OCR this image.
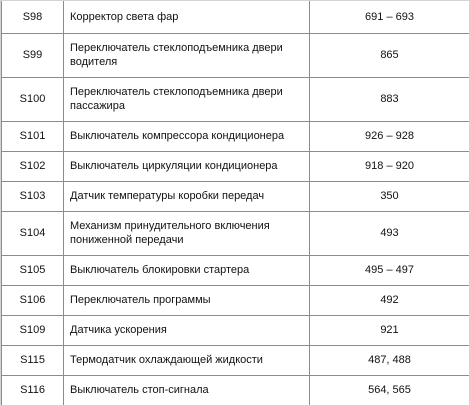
S98	Корректор света фар	691 – 693
S99	Переключатель стеклоподъемника двери водителя	865
S100	Переключатель стеклоподъемника двери пассажира	883
S101	Выключатель компрессора кондиционера	926 – 928
S102	Выключатель циркуляции кондиционера	918 – 920
S103	Датчик температуры коробки передач	350
S104	Механизм принудительного включения пониженной передачи	493
S105	Выключатель блокировки стартера	495 – 497
S106	Переключатель программы	492
S109	Датчика ускорения	921
S115	Термодатчик охлаждающей жидкости	487, 488
S116	Выключатель стоп-сигнала	564, 565
